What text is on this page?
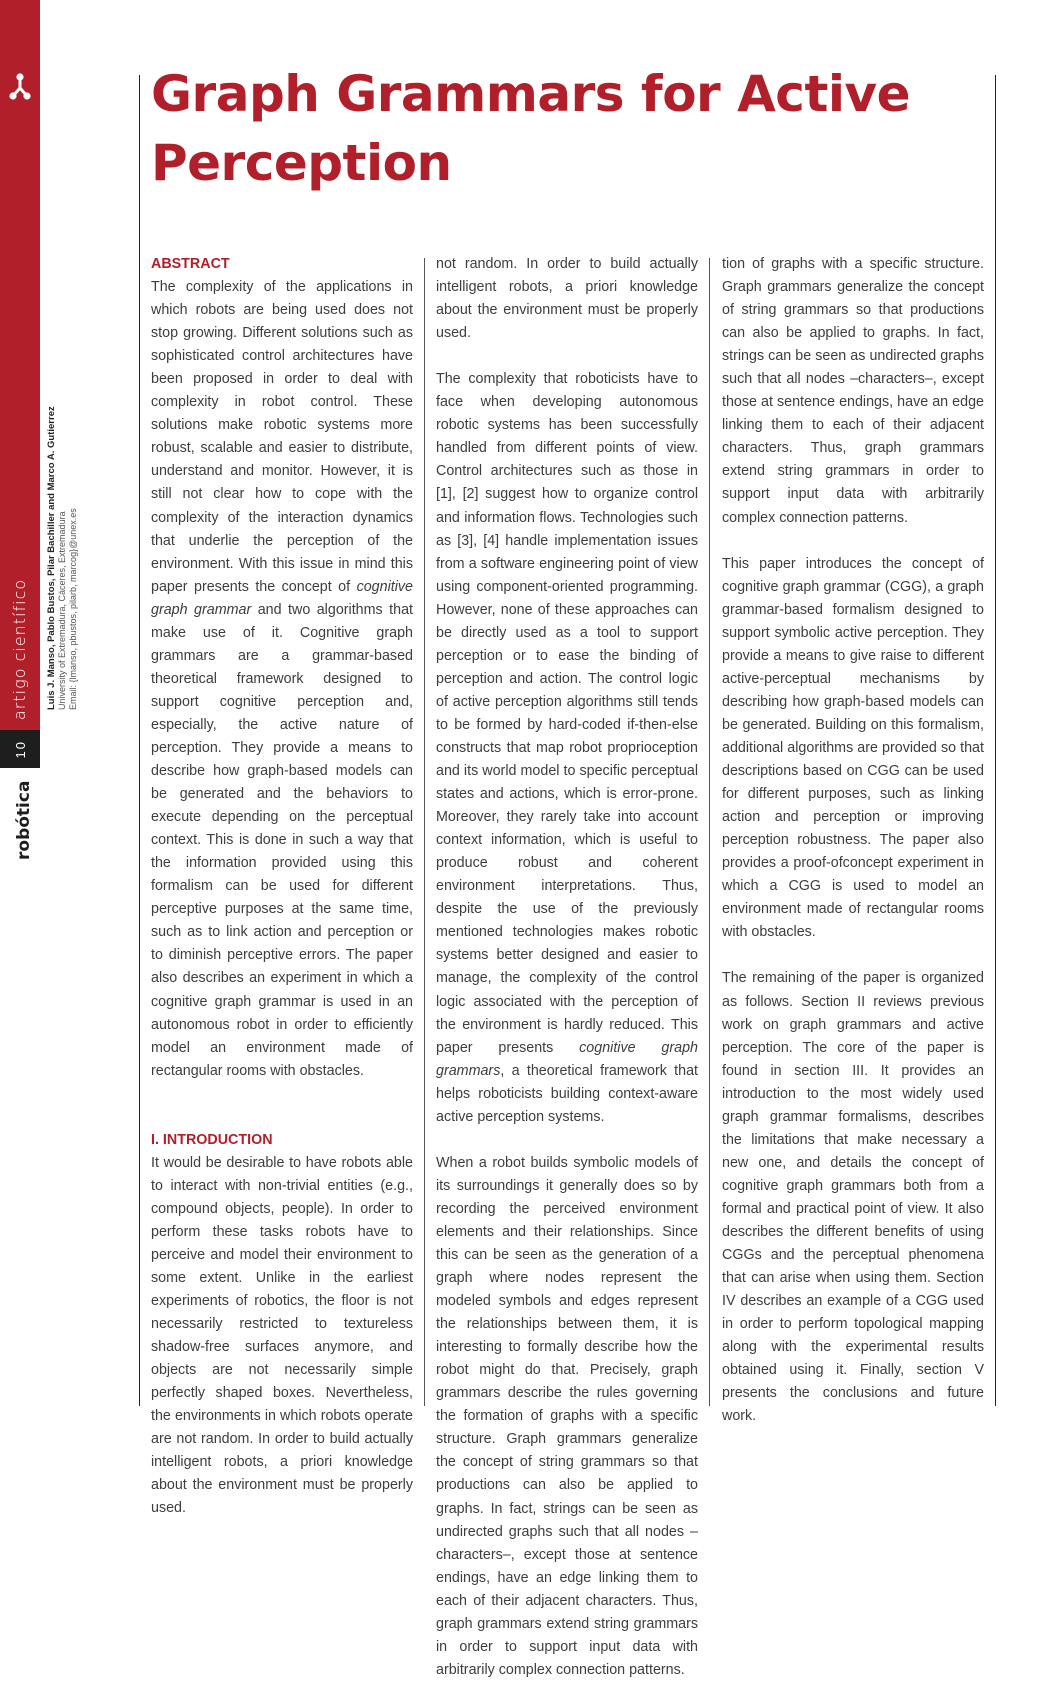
artigo científico
10
robótica
Luis J. Manso, Pablo Bustos, Pilar Bachiller and Marco A. Gutierrez University of Extremadura, Cáceres, Extremadura Email: {lmanso, pbustos, pilarb, marcog}@unex.es
Graph Grammars for Active Perception
ABSTRACT

The complexity of the applications in which robots are being used does not stop growing. Different solutions such as sophisticated control architectures have been proposed in order to deal with complexity in robot control. These solutions make robotic systems more robust, scalable and easier to distribute, understand and monitor. However, it is still not clear how to cope with the complexity of the interaction dynamics that underlie the perception of the environment. With this issue in mind this paper presents the concept of cognitive graph grammar and two algorithms that make use of it. Cognitive graph grammars are a grammar-based theoretical framework designed to support cognitive perception and, especially, the active nature of perception. They provide a means to describe how graph-based models can be generated and the behaviors to execute depending on the perceptual context. This is done in such a way that the information provided using this formalism can be used for different perceptive purposes at the same time, such as to link action and perception or to diminish perceptive errors. The paper also describes an experiment in which a cognitive graph grammar is used in an autonomous robot in order to efficiently model an environment made of rectangular rooms with obstacles.

I. INTRODUCTION

It would be desirable to have robots able to interact with non-trivial entities (e.g., compound objects, people). In order to perform these tasks robots have to perceive and model their environment to some extent. Unlike in the earliest experiments of robotics, the floor is not necessarily restricted to textureless shadow-free surfaces anymore, and objects are not necessarily simple perfectly shaped boxes. Nevertheless, the environments in which robots operate are not random. In order to build actually intelligent robots, a priori knowledge about the environment must be properly used.

not random. In order to build actually intelligent robots, a priori knowledge about the environment must be properly used.

The complexity that roboticists have to face when developing autonomous robotic systems has been successfully handled from different points of view. Control architectures such as those in [1], [2] suggest how to organize control and information flows. Technologies such as [3], [4] handle implementation issues from a software engineering point of view using component-oriented programming. However, none of these approaches can be directly used as a tool to support perception or to ease the binding of perception and action. The control logic of active perception algorithms still tends to be formed by hard-coded if-then-else constructs that map robot proprioception and its world model to specific perceptual states and actions, which is error-prone. Moreover, they rarely take into account context information, which is useful to produce robust and coherent environment interpretations. Thus, despite the use of the previously mentioned technologies makes robotic systems better designed and easier to manage, the complexity of the control logic associated with the perception of the environment is hardly reduced. This paper presents cognitive graph grammars, a theoretical framework that helps roboticists building context-aware active perception systems.

When a robot builds symbolic models of its surroundings it generally does so by recording the perceived environment elements and their relationships. Since this can be seen as the generation of a graph where nodes represent the modeled symbols and edges represent the relationships between them, it is interesting to formally describe how the robot might do that. Precisely, graph grammars describe the rules governing the formation of graphs with a specific structure. Graph grammars generalize the concept of string grammars so that productions can also be applied to graphs. In fact, strings can be seen as undirected graphs such that all nodes –characters–, except those at sentence endings, have an edge linking them to each of their adjacent characters. Thus, graph grammars extend string grammars in order to support input data with arbitrarily complex connection patterns.

tion of graphs with a specific structure. Graph grammars generalize the concept of string grammars so that productions can also be applied to graphs. In fact, strings can be seen as undirected graphs such that all nodes –characters–, except those at sentence endings, have an edge linking them to each of their adjacent characters. Thus, graph grammars extend string grammars in order to support input data with arbitrarily complex connection patterns.

This paper introduces the concept of cognitive graph grammar (CGG), a graph grammar-based formalism designed to support symbolic active perception. They provide a means to give raise to different active-perceptual mechanisms by describing how graph-based models can be generated. Building on this formalism, additional algorithms are provided so that descriptions based on CGG can be used for different purposes, such as linking action and perception or improving perception robustness. The paper also provides a proof-ofconcept experiment in which a CGG is used to model an environment made of rectangular rooms with obstacles.

The remaining of the paper is organized as follows. Section II reviews previous work on graph grammars and active perception. The core of the paper is found in section III. It provides an introduction to the most widely used graph grammar formalisms, describes the limitations that make necessary a new one, and details the concept of cognitive graph grammars both from a formal and practical point of view. It also describes the different benefits of using CGGs and the perceptual phenomena that can arise when using them. Section IV describes an example of a CGG used in order to perform topological mapping along with the experimental results obtained using it. Finally, section V presents the conclusions and future work.
